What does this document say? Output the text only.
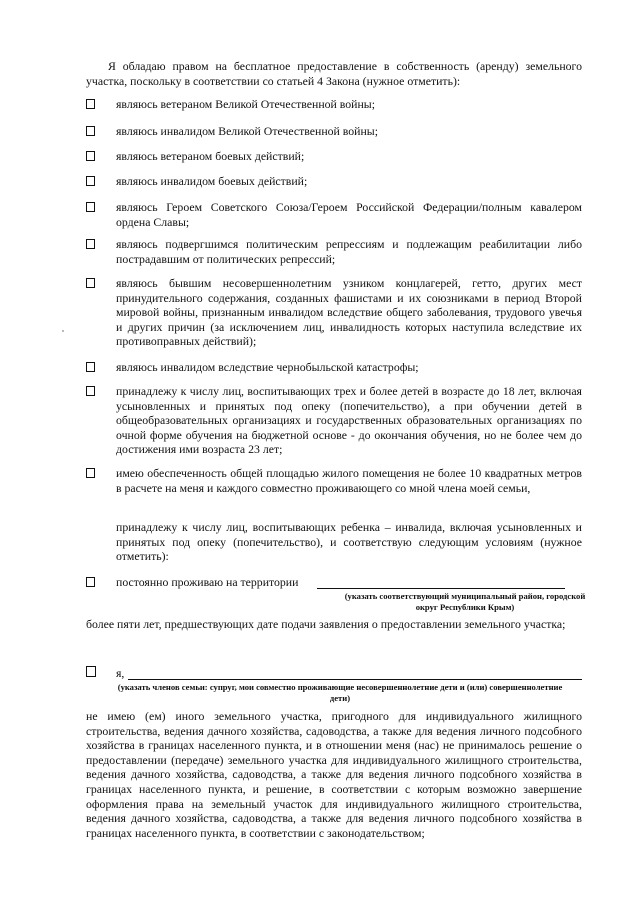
Я обладаю правом на бесплатное предоставление в собственность (аренду) земельного участка, поскольку в соответствии со статьей 4 Закона (нужное отметить):
являюсь ветераном Великой Отечественной войны;
являюсь инвалидом Великой Отечественной войны;
являюсь ветераном боевых действий;
являюсь инвалидом боевых действий;
являюсь Героем Советского Союза/Героем Российской Федерации/полным кавалером ордена Славы;
являюсь подвергшимся политическим репрессиям и подлежащим реабилитации либо пострадавшим от политических репрессий;
являюсь бывшим несовершеннолетним узником концлагерей, гетто, других мест принудительного содержания, созданных фашистами и их союзниками в период Второй мировой войны, признанным инвалидом вследствие общего заболевания, трудового увечья и других причин (за исключением лиц, инвалидность которых наступила вследствие их противоправных действий);
являюсь инвалидом вследствие чернобыльской катастрофы;
принадлежу к числу лиц, воспитывающих трех и более детей в возрасте до 18 лет, включая усыновленных и принятых под опеку (попечительство), а при обучении детей в общеобразовательных организациях и государственных образовательных организациях по очной форме обучения на бюджетной основе - до окончания обучения, но не более чем до достижения ими возраста 23 лет;
имею обеспеченность общей площадью жилого помещения не более 10 квадратных метров в расчете на меня и каждого совместно проживающего со мной члена моей семьи,
принадлежу к числу лиц, воспитывающих ребенка – инвалида, включая усыновленных и принятых под опеку (попечительство), и соответствую следующим условиям (нужное отметить):
постоянно проживаю на территории
(указать соответствующий муниципальный район, городской округ Республики Крым)
более пяти лет, предшествующих дате подачи заявления о предоставлении земельного участка;
я,
(указать членов семьи: супруг, мои совместно проживающие несовершеннолетние дети и (или) совершеннолетние дети)
не имею (ем) иного земельного участка, пригодного для индивидуального жилищного строительства, ведения дачного хозяйства, садоводства, а также для ведения личного подсобного хозяйства в границах населенного пункта, и в отношении меня (нас) не принималось решение о предоставлении (передаче) земельного участка для индивидуального жилищного строительства, ведения дачного хозяйства, садоводства, а также для ведения личного подсобного хозяйства в границах населенного пункта, и решение, в соответствии с которым возможно завершение оформления права на земельный участок для индивидуального жилищного строительства, ведения дачного хозяйства, садоводства, а также для ведения личного подсобного хозяйства в границах населенного пункта, в соответствии с законодательством;
